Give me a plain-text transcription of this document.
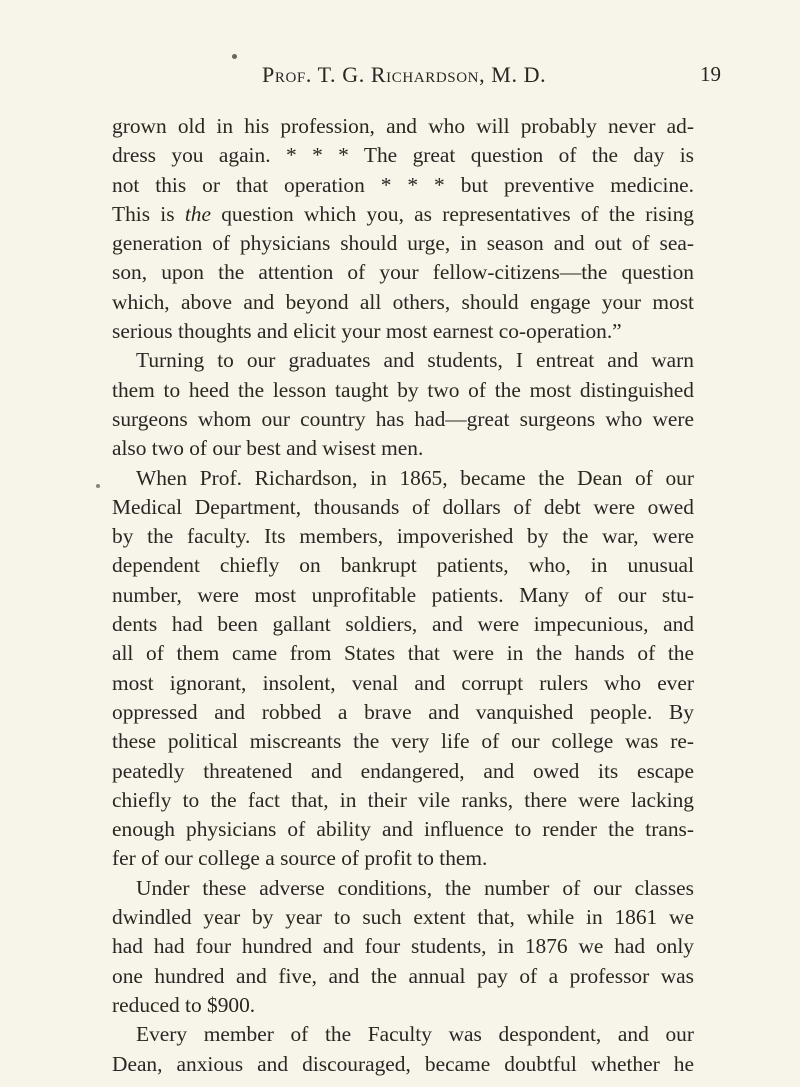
Prof. T. G. Richardson, M. D.	19
grown old in his profession, and who will probably never ad-
dress you again. * * * The great question of the day is
not this or that operation * * * but preventive medicine.
This is the question which you, as representatives of the rising
generation of physicians should urge, in season and out of sea-
son, upon the attention of your fellow-citizens—the question
which, above and beyond all others, should engage your most
serious thoughts and elicit your most earnest co-operation.”
Turning to our graduates and students, I entreat and warn
them to heed the lesson taught by two of the most distinguished
surgeons whom our country has had—great surgeons who were
also two of our best and wisest men.
When Prof. Richardson, in 1865, became the Dean of our
Medical Department, thousands of dollars of debt were owed
by the faculty. Its members, impoverished by the war, were
dependent chiefly on bankrupt patients, who, in unusual
number, were most unprofitable patients. Many of our stu-
dents had been gallant soldiers, and were impecunious, and
all of them came from States that were in the hands of the
most ignorant, insolent, venal and corrupt rulers who ever
oppressed and robbed a brave and vanquished people. By
these political miscreants the very life of our college was re-
peatedly threatened and endangered, and owed its escape
chiefly to the fact that, in their vile ranks, there were lacking
enough physicians of ability and influence to render the trans-
fer of our college a source of profit to them.
Under these adverse conditions, the number of our classes
dwindled year by year to such extent that, while in 1861 we
had had four hundred and four students, in 1876 we had only
one hundred and five, and the annual pay of a professor was
reduced to $900.
Every member of the Faculty was despondent, and our
Dean, anxious and discouraged, became doubtful whether he
